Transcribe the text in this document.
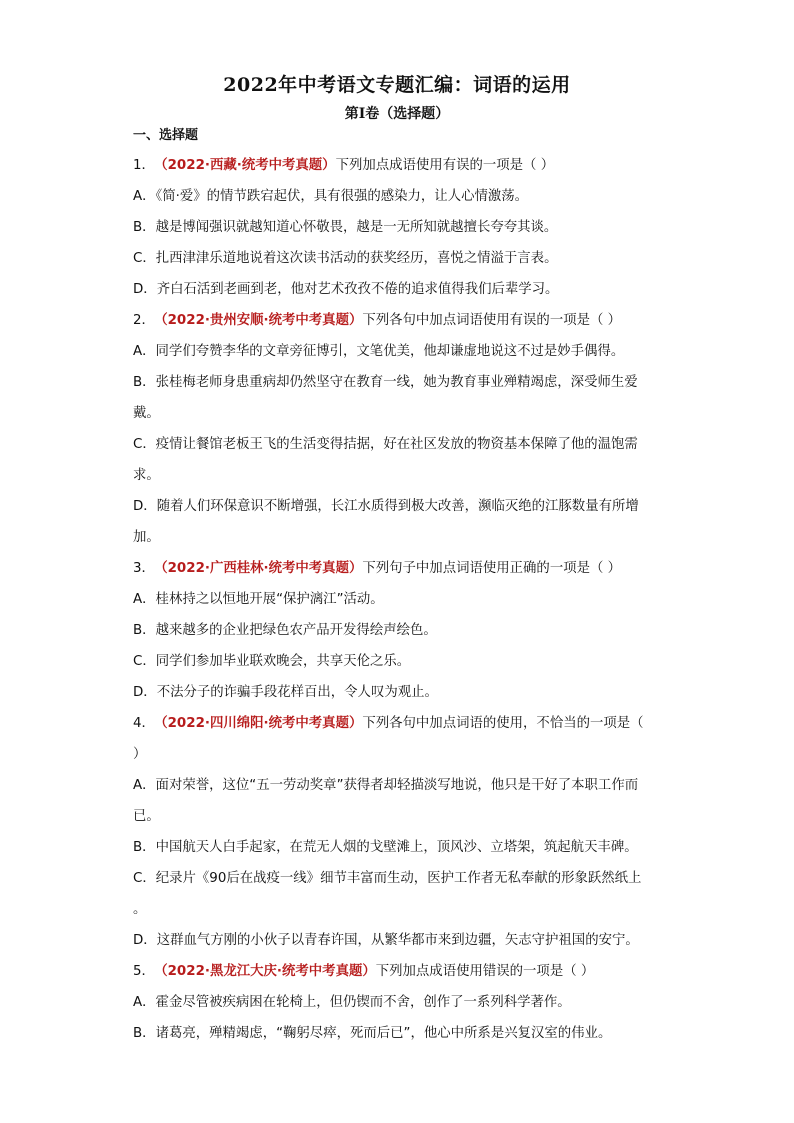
2022年中考语文专题汇编：词语的运用
第Ⅰ卷（选择题）
一、选择题
1． （2022·西藏·统考中考真题）下列加点成语使用有误的一项是（ ）
A．《简·爱》的情节跌宕起伏，具有很强的感染力，让人心情激荡。
B．越是博闻强识就越知道心怀敬畏，越是一无所知就越擅长夸夸其谈。
C．扎西津津乐道地说着这次读书活动的获奖经历，喜悦之情溢于言表。
D．齐白石活到老画到老，他对艺术孜孜不倦的追求值得我们后辈学习。
2． （2022·贵州安顺·统考中考真题）下列各句中加点词语使用有误的一项是（ ）
A．同学们夸赞李华的文章旁征博引，文笔优美，他却谦虚地说这不过是妙手偶得。
B．张桂梅老师身患重病却仍然坚守在教育一线，她为教育事业殚精竭虑，深受师生爱
戴。
C．疫情让餐馆老板王飞的生活变得拮据，好在社区发放的物资基本保障了他的温饱需
求。
D．随着人们环保意识不断增强，长江水质得到极大改善，濒临灭绝的江豚数量有所增
加。
3． （2022·广西桂林·统考中考真题）下列句子中加点词语使用正确的一项是（ ）
A．桂林持之以恒地开展“保护漓江”活动。
B．越来越多的企业把绿色农产品开发得绘声绘色。
C．同学们参加毕业联欢晚会，共享天伦之乐。
D．不法分子的诈骗手段花样百出，令人叹为观止。
4． （2022·四川绵阳·统考中考真题）下列各句中加点词语的使用，不恰当的一项是（
）
A．面对荣誉，这位“五一劳动奖章”获得者却轻描淡写地说，他只是干好了本职工作而
已。
B．中国航天人白手起家，在荒无人烟的戈壁滩上，顶风沙、立塔架，筑起航天丰碑。
C．纪录片《90后在战疫一线》细节丰富而生动，医护工作者无私奉献的形象跃然纸上
。
D．这群血气方刚的小伙子以青春许国，从繁华都市来到边疆，矢志守护祖国的安宁。
5． （2022·黑龙江大庆·统考中考真题）下列加点成语使用错误的一项是（ ）
A．霍金尽管被疾病困在轮椅上，但仍锲而不舍，创作了一系列科学著作。
B．诸葛亮，殚精竭虑，“鞠躬尽瘁，死而后已”，他心中所系是兴复汉室的伟业。
